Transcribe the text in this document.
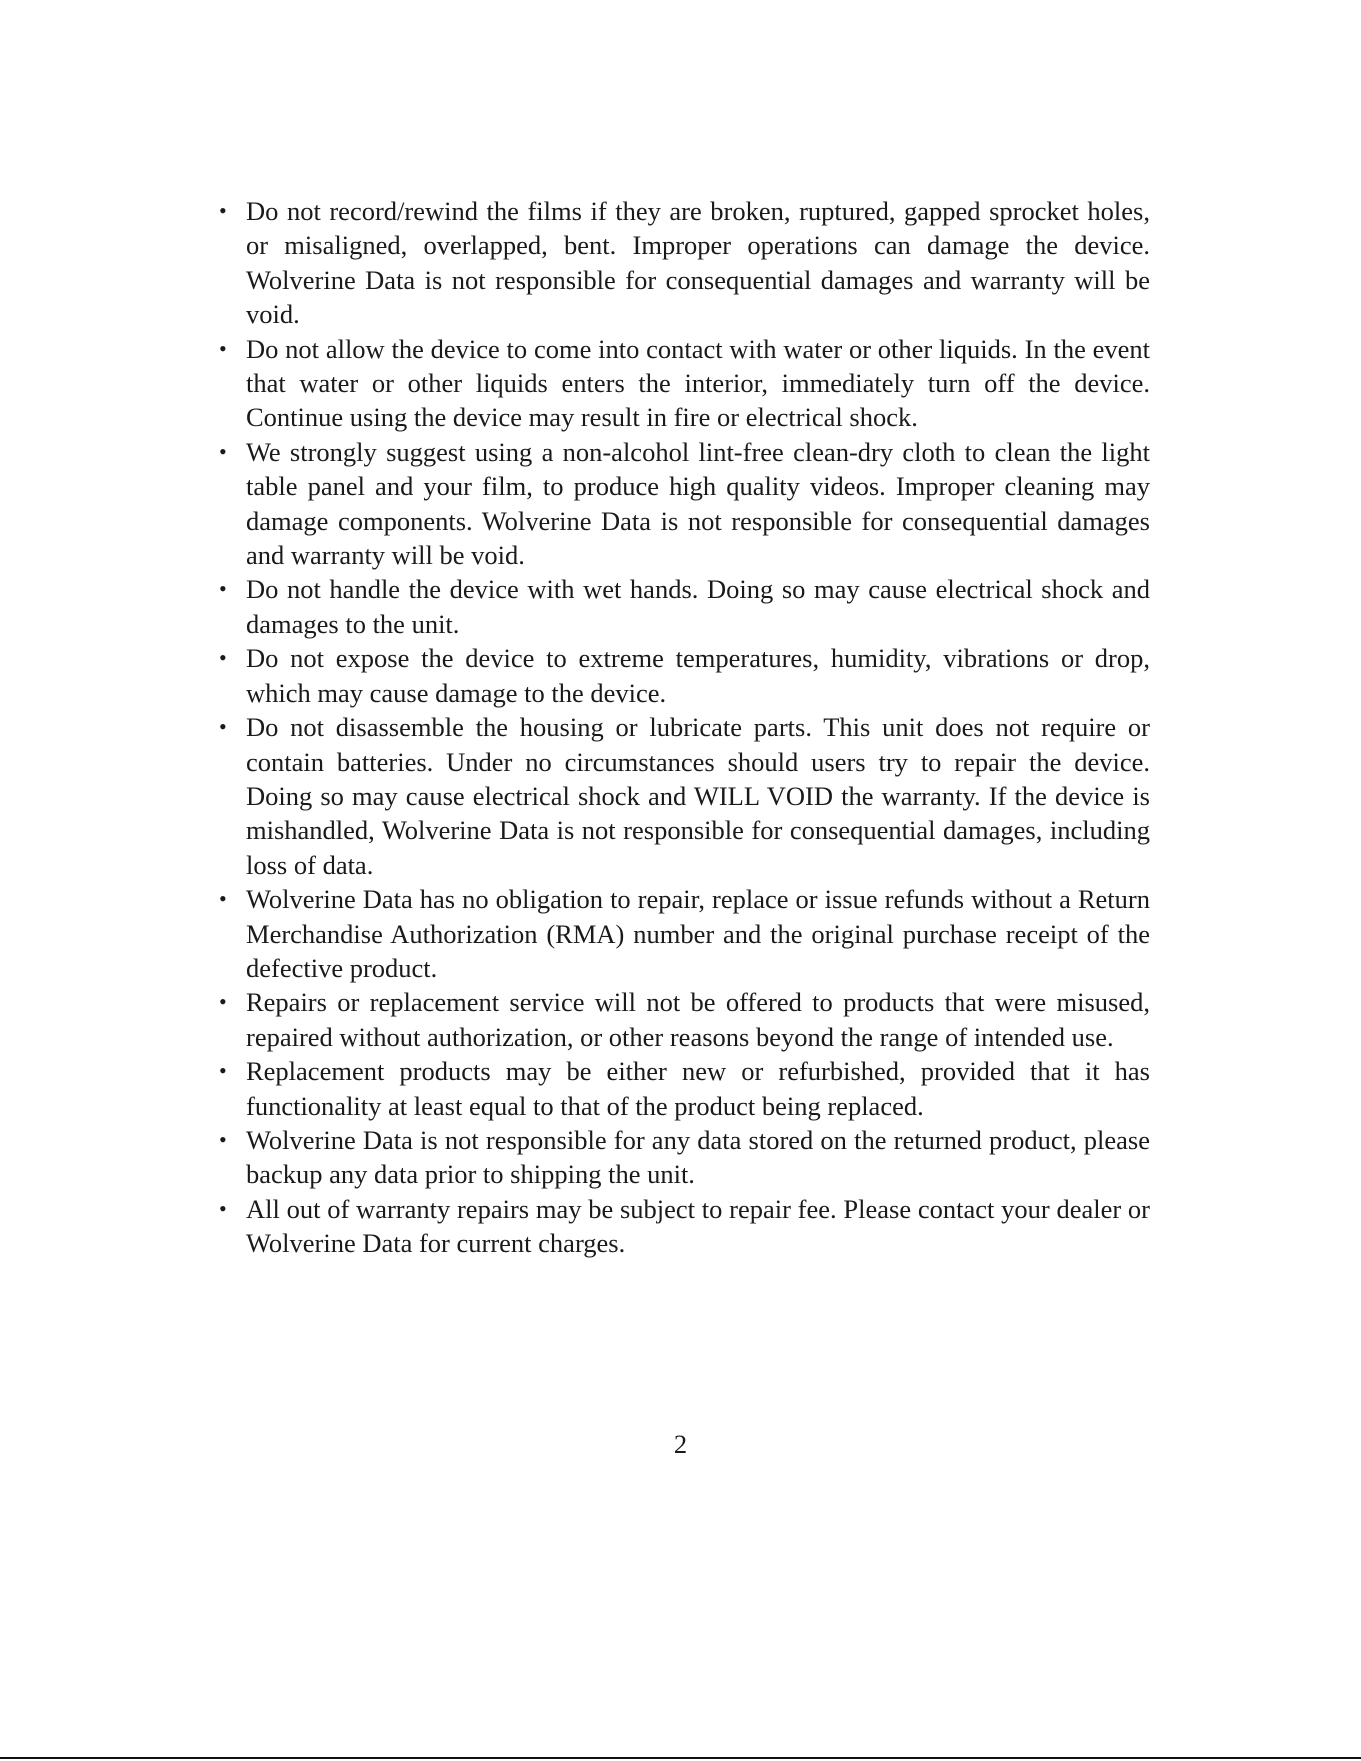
• Do not record/rewind the films if they are broken, ruptured, gapped sprocket holes, or misaligned, overlapped, bent. Improper operations can damage the device. Wolverine Data is not responsible for consequential damages and warranty will be void.
• Do not allow the device to come into contact with water or other liquids. In the event that water or other liquids enters the interior, immediately turn off the device. Continue using the device may result in fire or electrical shock.
• We strongly suggest using a non-alcohol lint-free clean-dry cloth to clean the light table panel and your film, to produce high quality videos. Improper cleaning may damage components. Wolverine Data is not responsible for consequential damages and warranty will be void.
• Do not handle the device with wet hands. Doing so may cause electrical shock and damages to the unit.
• Do not expose the device to extreme temperatures, humidity, vibrations or drop, which may cause damage to the device.
• Do not disassemble the housing or lubricate parts. This unit does not require or contain batteries. Under no circumstances should users try to repair the device. Doing so may cause electrical shock and WILL VOID the warranty. If the device is mishandled, Wolverine Data is not responsible for consequential damages, including loss of data.
• Wolverine Data has no obligation to repair, replace or issue refunds without a Return Merchandise Authorization (RMA) number and the original purchase receipt of the defective product.
• Repairs or replacement service will not be offered to products that were misused, repaired without authorization, or other reasons beyond the range of intended use.
• Replacement products may be either new or refurbished, provided that it has functionality at least equal to that of the product being replaced.
• Wolverine Data is not responsible for any data stored on the returned product, please backup any data prior to shipping the unit.
• All out of warranty repairs may be subject to repair fee. Please contact your dealer or Wolverine Data for current charges.
2
